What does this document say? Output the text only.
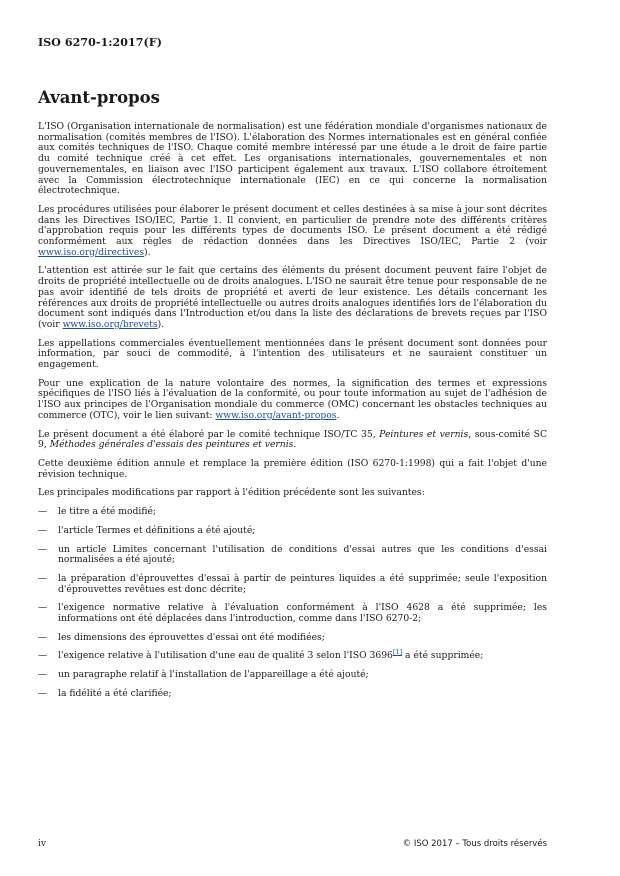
ISO 6270-1:2017(F)
Avant-propos

L'ISO (Organisation internationale de normalisation) est une fédération mondiale d'organismes nationaux de normalisation (comités membres de l'ISO). L'élaboration des Normes internationales est en général confiée aux comités techniques de l'ISO. Chaque comité membre intéressé par une étude a le droit de faire partie du comité technique créé à cet effet. Les organisations internationales, gouvernementales et non gouvernementales, en liaison avec l'ISO participent également aux travaux. L'ISO collabore étroitement avec la Commission électrotechnique internationale (IEC) en ce qui concerne la normalisation électrotechnique.

Les procédures utilisées pour élaborer le présent document et celles destinées à sa mise à jour sont décrites dans les Directives ISO/IEC, Partie 1. Il convient, en particulier de prendre note des différents critères d'approbation requis pour les différents types de documents ISO. Le présent document a été rédigé conformément aux règles de rédaction données dans les Directives ISO/IEC, Partie 2 (voir www.iso.org/directives).

L'attention est attirée sur le fait que certains des éléments du présent document peuvent faire l'objet de droits de propriété intellectuelle ou de droits analogues. L'ISO ne saurait être tenue pour responsable de ne pas avoir identifié de tels droits de propriété et averti de leur existence. Les détails concernant les références aux droits de propriété intellectuelle ou autres droits analogues identifiés lors de l'élaboration du document sont indiqués dans l'Introduction et/ou dans la liste des déclarations de brevets reçues par l'ISO (voir www.iso.org/brevets).

Les appellations commerciales éventuellement mentionnées dans le présent document sont données pour information, par souci de commodité, à l'intention des utilisateurs et ne sauraient constituer un engagement.

Pour une explication de la nature volontaire des normes, la signification des termes et expressions spécifiques de l'ISO liés à l'évaluation de la conformité, ou pour toute information au sujet de l'adhésion de l'ISO aux principes de l'Organisation mondiale du commerce (OMC) concernant les obstacles techniques au commerce (OTC), voir le lien suivant: www.iso.org/avant-propos.

Le présent document a été élaboré par le comité technique ISO/TC 35, Peintures et vernis, sous-comité SC 9, Méthodes générales d'essais des peintures et vernis.

Cette deuxième édition annule et remplace la première édition (ISO 6270-1:1998) qui a fait l'objet d'une révision technique.

Les principales modifications par rapport à l'édition précédente sont les suivantes:

— le titre a été modifié;
— l'article Termes et définitions a été ajouté;
— un article Limites concernant l'utilisation de conditions d'essai autres que les conditions d'essai normalisées a été ajouté;
— la préparation d'éprouvettes d'essai à partir de peintures liquides a été supprimée; seule l'exposition d'éprouvettes revêtues est donc décrite;
— l'exigence normative relative à l'évaluation conformément à l'ISO 4628 a été supprimée; les informations ont été déplacées dans l'introduction, comme dans l'ISO 6270-2;
— les dimensions des éprouvettes d'essai ont été modifiées;
— l'exigence relative à l'utilisation d'une eau de qualité 3 selon l'ISO 3696[1] a été supprimée;
— un paragraphe relatif à l'installation de l'appareillage a été ajouté;
— la fidélité a été clarifiée;
iv	© ISO 2017 – Tous droits réservés
